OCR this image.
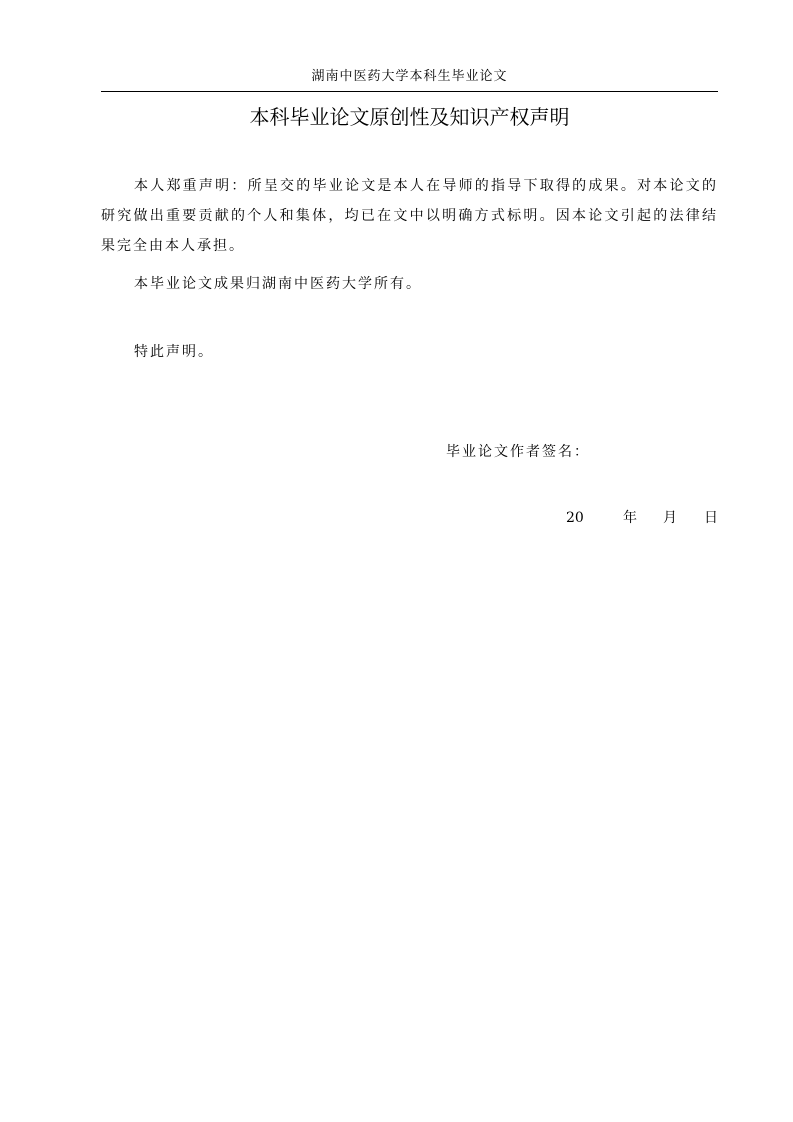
湖南中医药大学本科生毕业论文
本科毕业论文原创性及知识产权声明

本人郑重声明：所呈交的毕业论文是本人在导师的指导下取得的成果。对本论文的研究做出重要贡献的个人和集体，均已在文中以明确方式标明。因本论文引起的法律结果完全由本人承担。

本毕业论文成果归湖南中医药大学所有。

特此声明。

毕业论文作者签名：
20	年 月 日
